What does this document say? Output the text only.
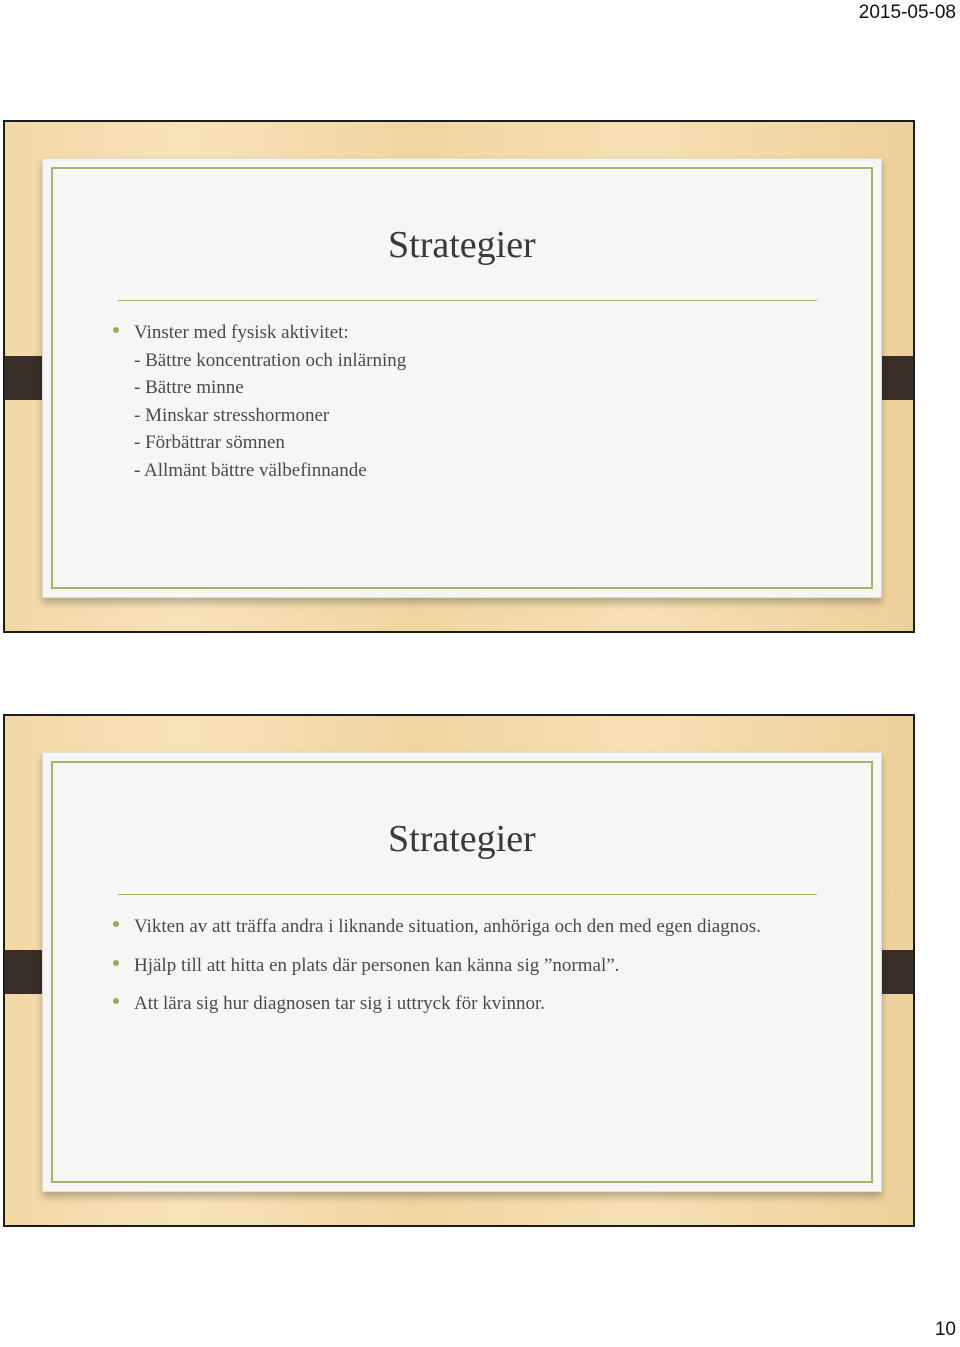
2015-05-08
Strategier
Vinster med fysisk aktivitet:
- Bättre koncentration och inlärning
- Bättre minne
- Minskar stresshormoner
- Förbättrar sömnen
- Allmänt bättre välbefinnande
Strategier
Vikten av att träffa andra i liknande situation, anhöriga och den med egen diagnos.
Hjälp till att hitta en plats där personen kan känna sig ”normal”.
Att lära sig hur diagnosen tar sig i uttryck för kvinnor.
10
